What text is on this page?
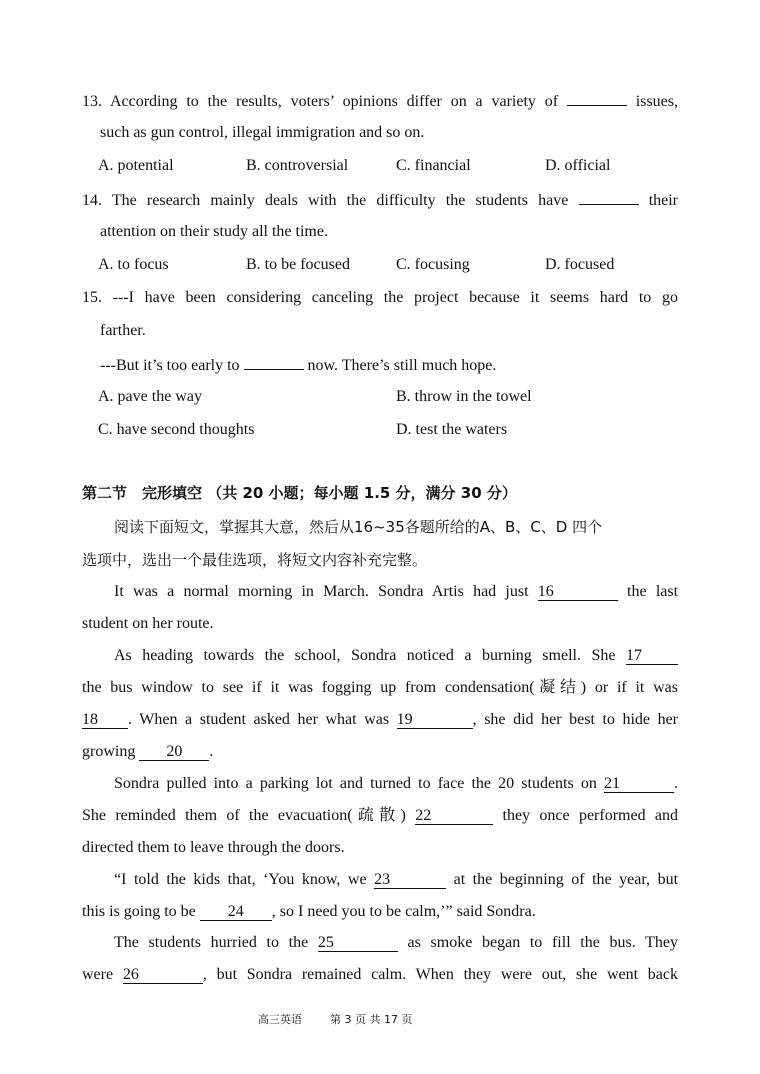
13. According to the results, voters’ opinions differ on a variety of	issues,
such as gun control, illegal immigration and so on.
A. potential	B. controversial	C. financial	D. official
14. The research mainly deals with the difficulty the students have	their
attention on their study all the time.
A. to focus	B. to be focused	C. focusing	D. focused
15. ---I have been considering canceling the project because it seems hard to go
farther.
---But it’s too early to	now. There’s still much hope.
A. pave the way	B. throw in the towel
C. have second thoughts	D. test the waters
第二节　完形填空 （共 20 小题；每小题 1.5 分，满分 30 分）
阅读下面短文，掌握其大意，然后从16~35各题所给的A、B、C、D 四个
选项中，选出一个最佳选项，将短文内容补充完整。
It was a normal morning in March. Sondra Artis had just 16	the last
student on her route.
As heading towards the school, Sondra noticed a burning smell. She 17
the bus window to see if it was fogging up from condensation(凝结) or if it was
18 . When a student asked her what was 19	, she did her best to hide her
growing 20 .
Sondra pulled into a parking lot and turned to face the 20 students on 21	.
She reminded them of the evacuation(疏散) 22	they once performed and
directed them to leave through the doors.
“I told the kids that, ‘You know, we 23	at the beginning of the year, but
this is going to be 24 , so I need you to be calm,’” said Sondra.
The students hurried to the 25	as smoke began to fill the bus. They
were 26	, but Sondra remained calm. When they were out, she went back
高三英语	第 3 页 共 17 页
